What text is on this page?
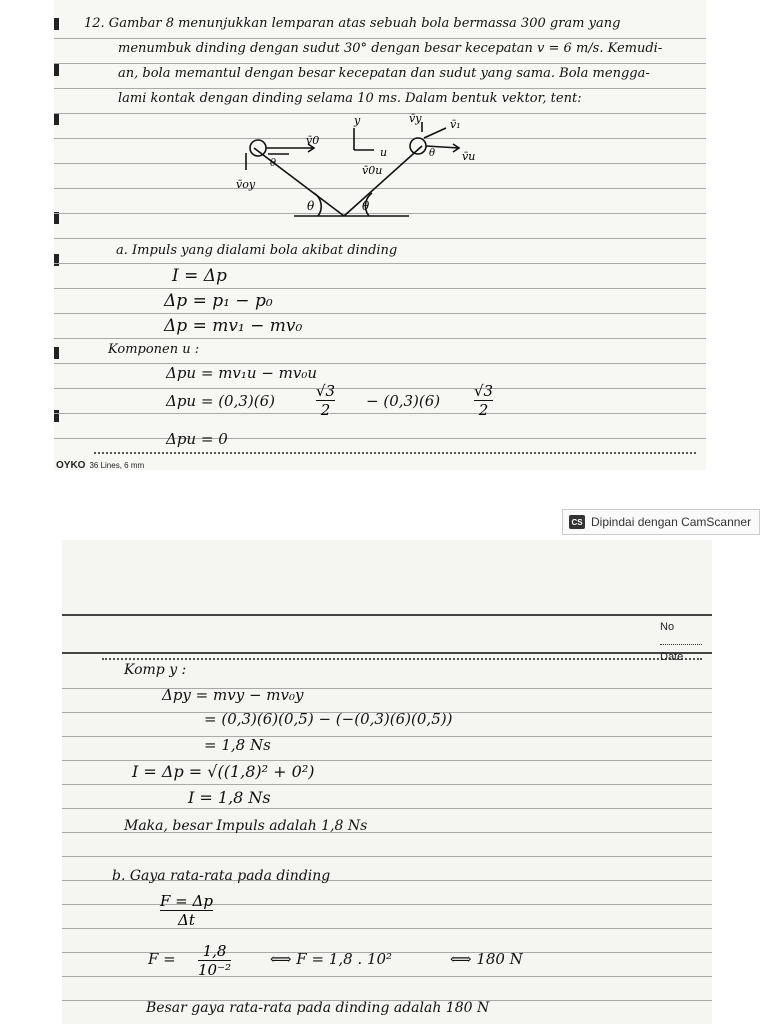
12. Gambar 8 menunjukkan lemparan atas sebuah bola bermassa 300 gram yang
menumbuk dinding dengan sudut 30° dengan besar kecepatan v = 6 m/s. Kemudi-
an, bola memantul dengan besar kecepatan dan sudut yang sama. Bola mengga-
lami kontak dengan dinding selama 10 ms. Dalam bentuk vektor, tent:
v̄0
y
u
v̄0u
v̄y	v̄₁
v̄u
v̄oy
θ	θ
θ
θ
a. Impuls yang dialami bola akibat dinding
I = Δp
Δp = p₁ − p₀
Δp = mv₁ − mv₀
Komponen u :
Δpu = mv₁u − mv₀u
Δpu = (0,3)(6)
√3
2 − (0,3)(6)
√3
2
Δpu = 0
OYKO 36 Lines, 6 mm
CS Dipindai dengan CamScanner
No
Date
Komp y :
Δpy = mvy − mv₀y
= (0,3)(6)(0,5) − (−(0,3)(6)(0,5))
= 1,8 Ns
I = Δp = √((1,8)² + 0²)
I = 1,8 Ns
Maka, besar Impuls adalah 1,8 Ns
b. Gaya rata-rata pada dinding
F = Δp
Δt
F = 1,8
10⁻²
⟺ F = 1,8 . 10²	⟺ 180 N
Besar gaya rata-rata pada dinding adalah 180 N
